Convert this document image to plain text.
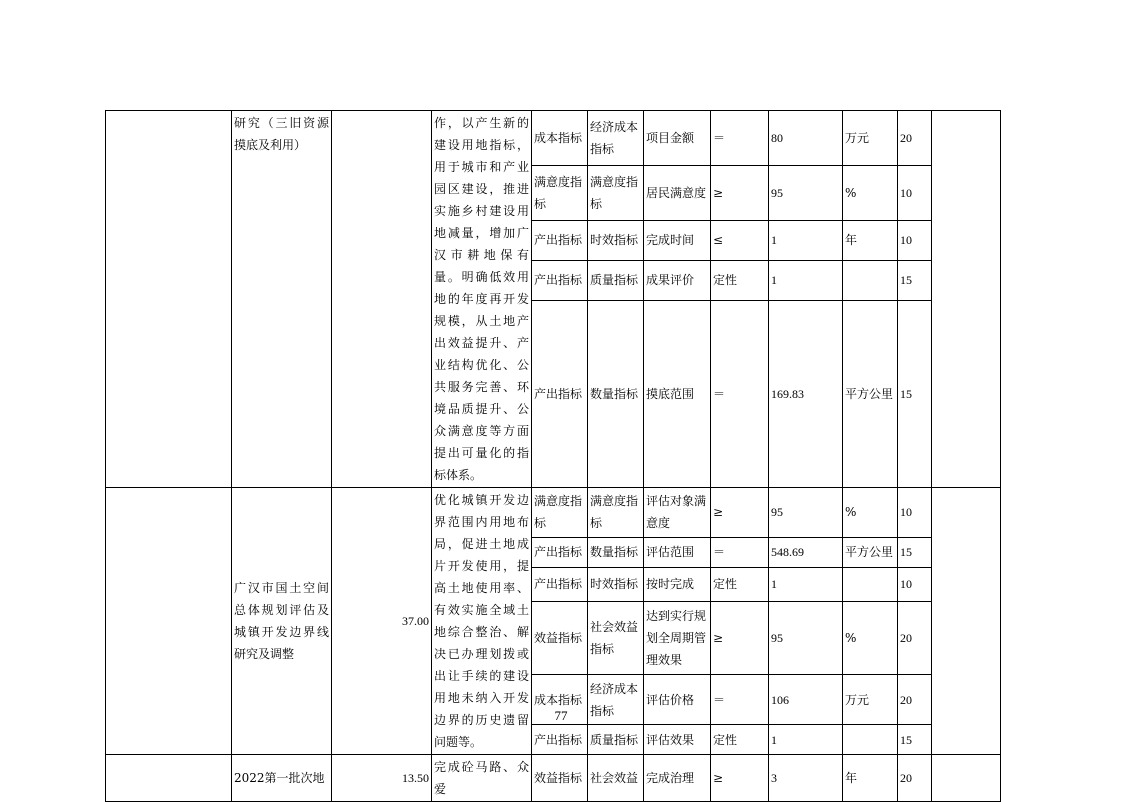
	研究（三旧资源摸底及利用）		作，以产生新的建设用地指标，用于城市和产业园区建设，推进实施乡村建设用地减量，增加广汉市耕地保有量。明确低效用地的年度再开发规模，从土地产出效益提升、产业结构优化、公共服务完善、环境品质提升、公众满意度等方面提出可量化的指标体系。	成本指标	经济成本指标	项目金额	＝	80	万元	20	
				满意度指标	满意度指标	居民满意度	≥	95	%	10	
				产出指标	时效指标	完成时间	≤	1	年	10	
				产出指标	质量指标	成果评价	定性	1		15	
				产出指标	数量指标	摸底范围	＝	169.83	平方公里	15	
	广汉市国土空间总体规划评估及城镇开发边界线研究及调整	37.00	优化城镇开发边界范围内用地布局，促进土地成片开发使用，提高土地使用率、有效实施全域土地综合整治、解决已办理划拨或出让手续的建设用地未纳入开发边界的历史遗留问题等。	满意度指标	满意度指标	评估对象满意度	≥	95	%	10	
				产出指标	数量指标	评估范围	＝	548.69	平方公里	15	
				产出指标	时效指标	按时完成	定性	1		10	
				效益指标	社会效益指标	达到实行规划全周期管理效果	≥	95	%	20	
				成本指标	经济成本指标	评估价格	＝	106	万元	20	
				产出指标	质量指标	评估效果	定性	1		15	
	2022第一批次地	13.50	完成砼马路、众爱	效益指标	社会效益	完成治理	≥	3	年	20	
77
